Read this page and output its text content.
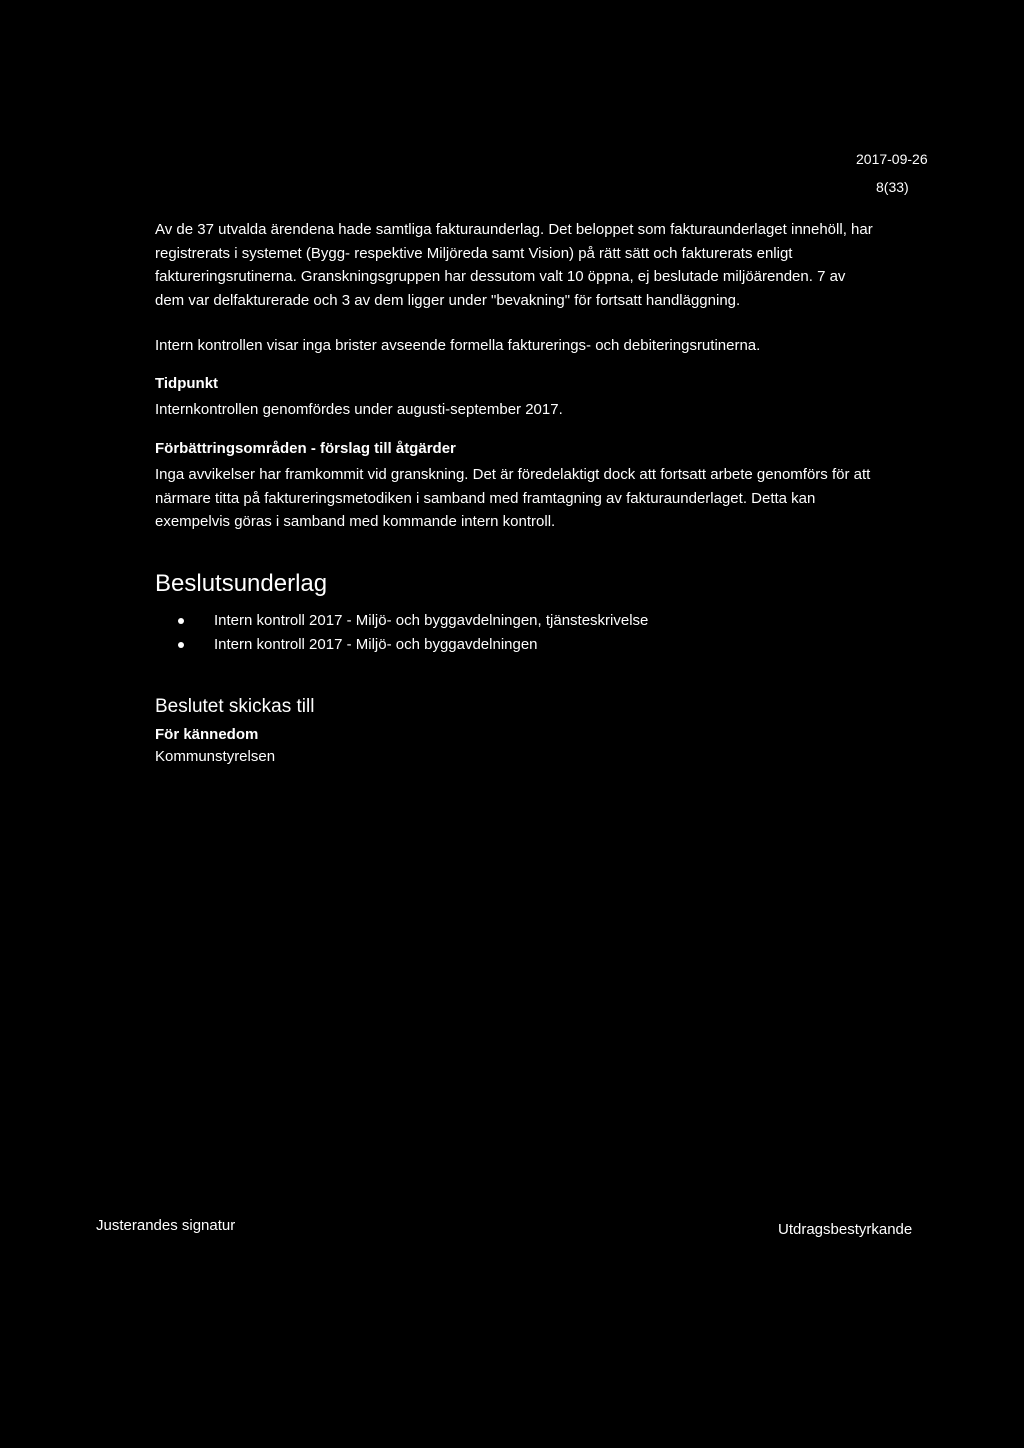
2017-09-26
8(33)

Av de 37 utvalda ärendena hade samtliga fakturaunderlag. Det beloppet som fakturaunderlaget innehöll, har registrerats i systemet (Bygg- respektive Miljöreda samt Vision) på rätt sätt och fakturerats enligt faktureringsrutinerna. Granskningsgruppen har dessutom valt 10 öppna, ej beslutade miljöärenden. 7 av dem var delfakturerade och 3 av dem ligger under "bevakning" för fortsatt handläggning.

Intern kontrollen visar inga brister avseende formella fakturerings- och debiteringsrutinerna.

Tidpunkt

Internkontrollen genomfördes under augusti-september 2017.

Förbättringsområden - förslag till åtgärder

Inga avvikelser har framkommit vid granskning. Det är föredelaktigt dock att fortsatt arbete genomförs för att närmare titta på faktureringsmetodiken i samband med framtagning av fakturaunderlaget. Detta kan exempelvis göras i samband med kommande intern kontroll.

Beslutsunderlag
Intern kontroll 2017 - Miljö- och byggavdelningen, tjänsteskrivelse
Intern kontroll 2017 - Miljö- och byggavdelningen
Beslutet skickas till
För kännedom

Kommunstyrelsen

Justerandes signatur	Utdragsbestyrkande
